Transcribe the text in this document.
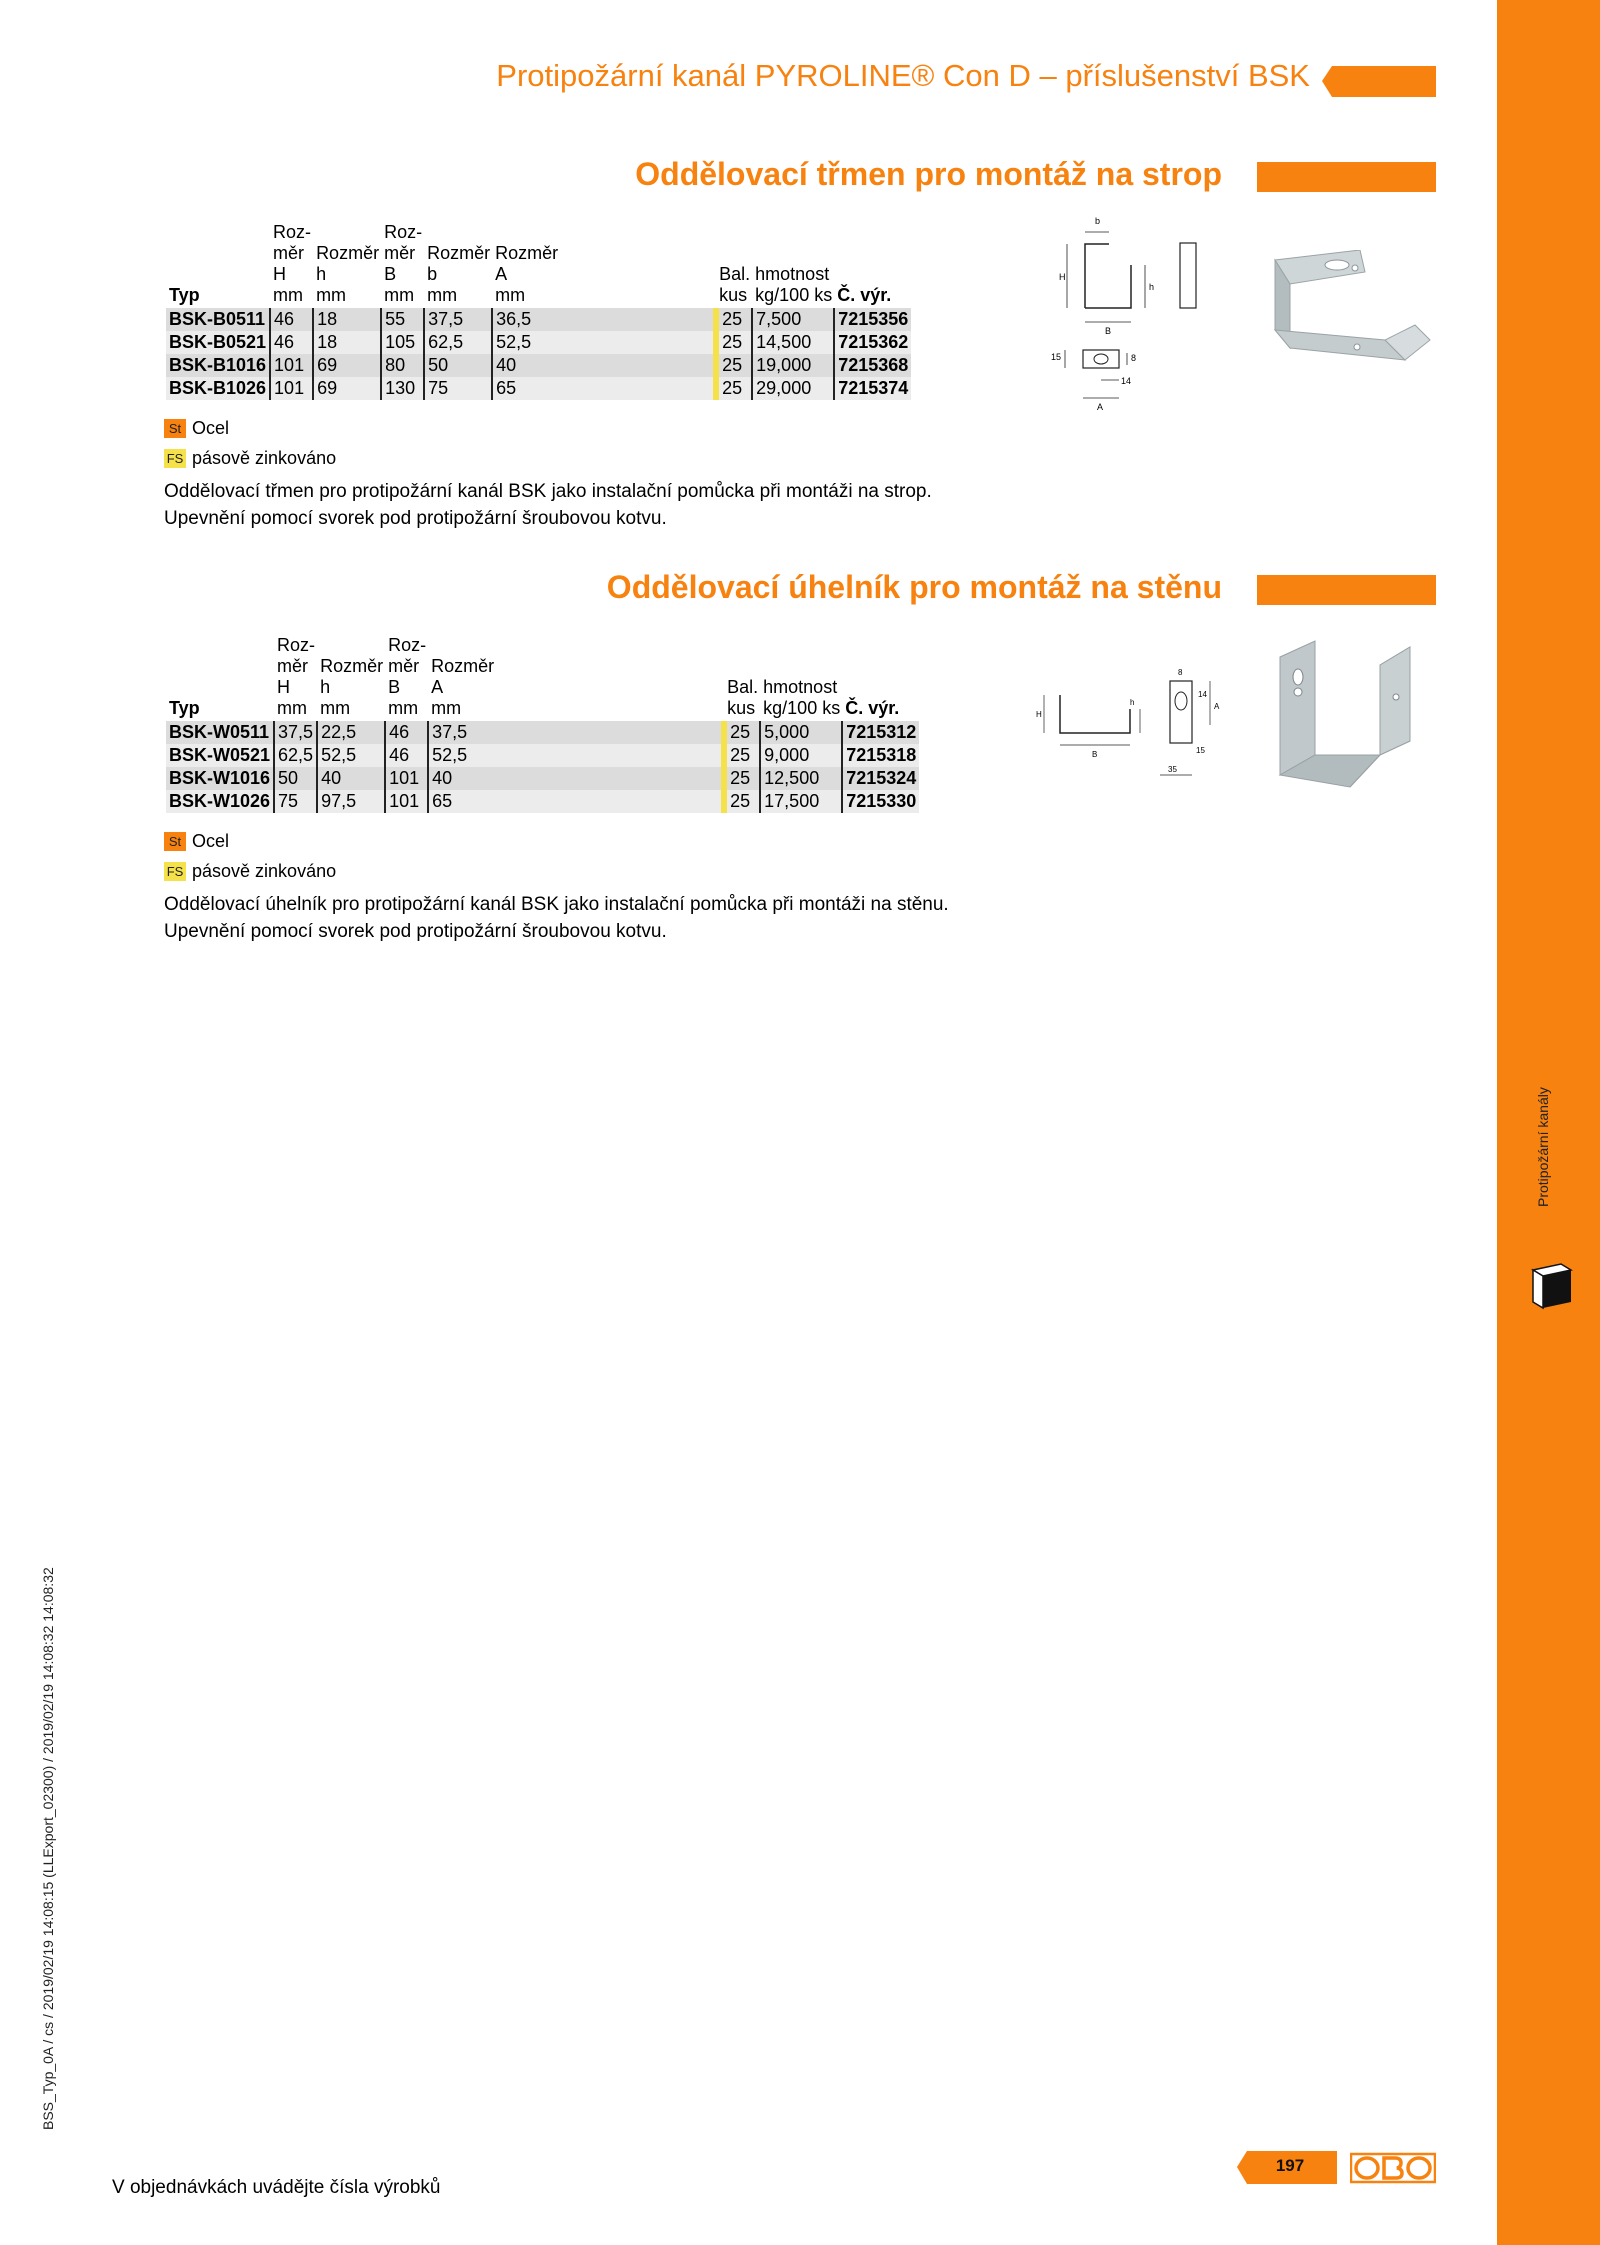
Protipožární kanál PYROLINE® Con D – příslušenství BSK
Oddělovací třmen pro montáž na strop
Typ	Roz-
měr
H
mm	Rozměr
h
mm	Roz-
měr
B
mm	Rozměr
b
mm	Rozměr
A
mm	Bal.
kus	hmotnost
kg/100 ks	Č. výr.
BSK-B0511	46	18	55	37,5	36,5	25	7,500	7215356
BSK-B0521	46	18	105	62,5	52,5	25	14,500	7215362
BSK-B1016	101	69	80	50	40	25	19,000	7215368
BSK-B1026	101	69	130	75	65	25	29,000	7215374
St Ocel
FS pásově zinkováno
Oddělovací třmen pro protipožární kanál BSK jako instalační pomůcka při montáži na strop.
Upevnění pomocí svorek pod protipožární šroubovou kotvu.
b
H
h
B
15	8
14
A
Oddělovací úhelník pro montáž na stěnu
Typ	Roz-
měr
H
mm	Rozměr
h
mm	Roz-
měr
B
mm	Rozměr
A
mm	Bal.
kus	hmotnost
kg/100 ks	Č. výr.
BSK-W0511	37,5	22,5	46	37,5	25	5,000	7215312
BSK-W0521	62,5	52,5	46	52,5	25	9,000	7215318
BSK-W1016	50	40	101	40	25	12,500	7215324
BSK-W1026	75	97,5	101	65	25	17,500	7215330
St Ocel
FS pásově zinkováno
Oddělovací úhelník pro protipožární kanál BSK jako instalační pomůcka při montáži na stěnu.
Upevnění pomocí svorek pod protipožární šroubovou kotvu.
H
h
B
8
14
A
15
35
BSS_Typ_0A / cs / 2019/02/19 14:08:15 (LLExport_02300) / 2019/02/19 14:08:32 14:08:32
V objednávkách uvádějte čísla výrobků
197
